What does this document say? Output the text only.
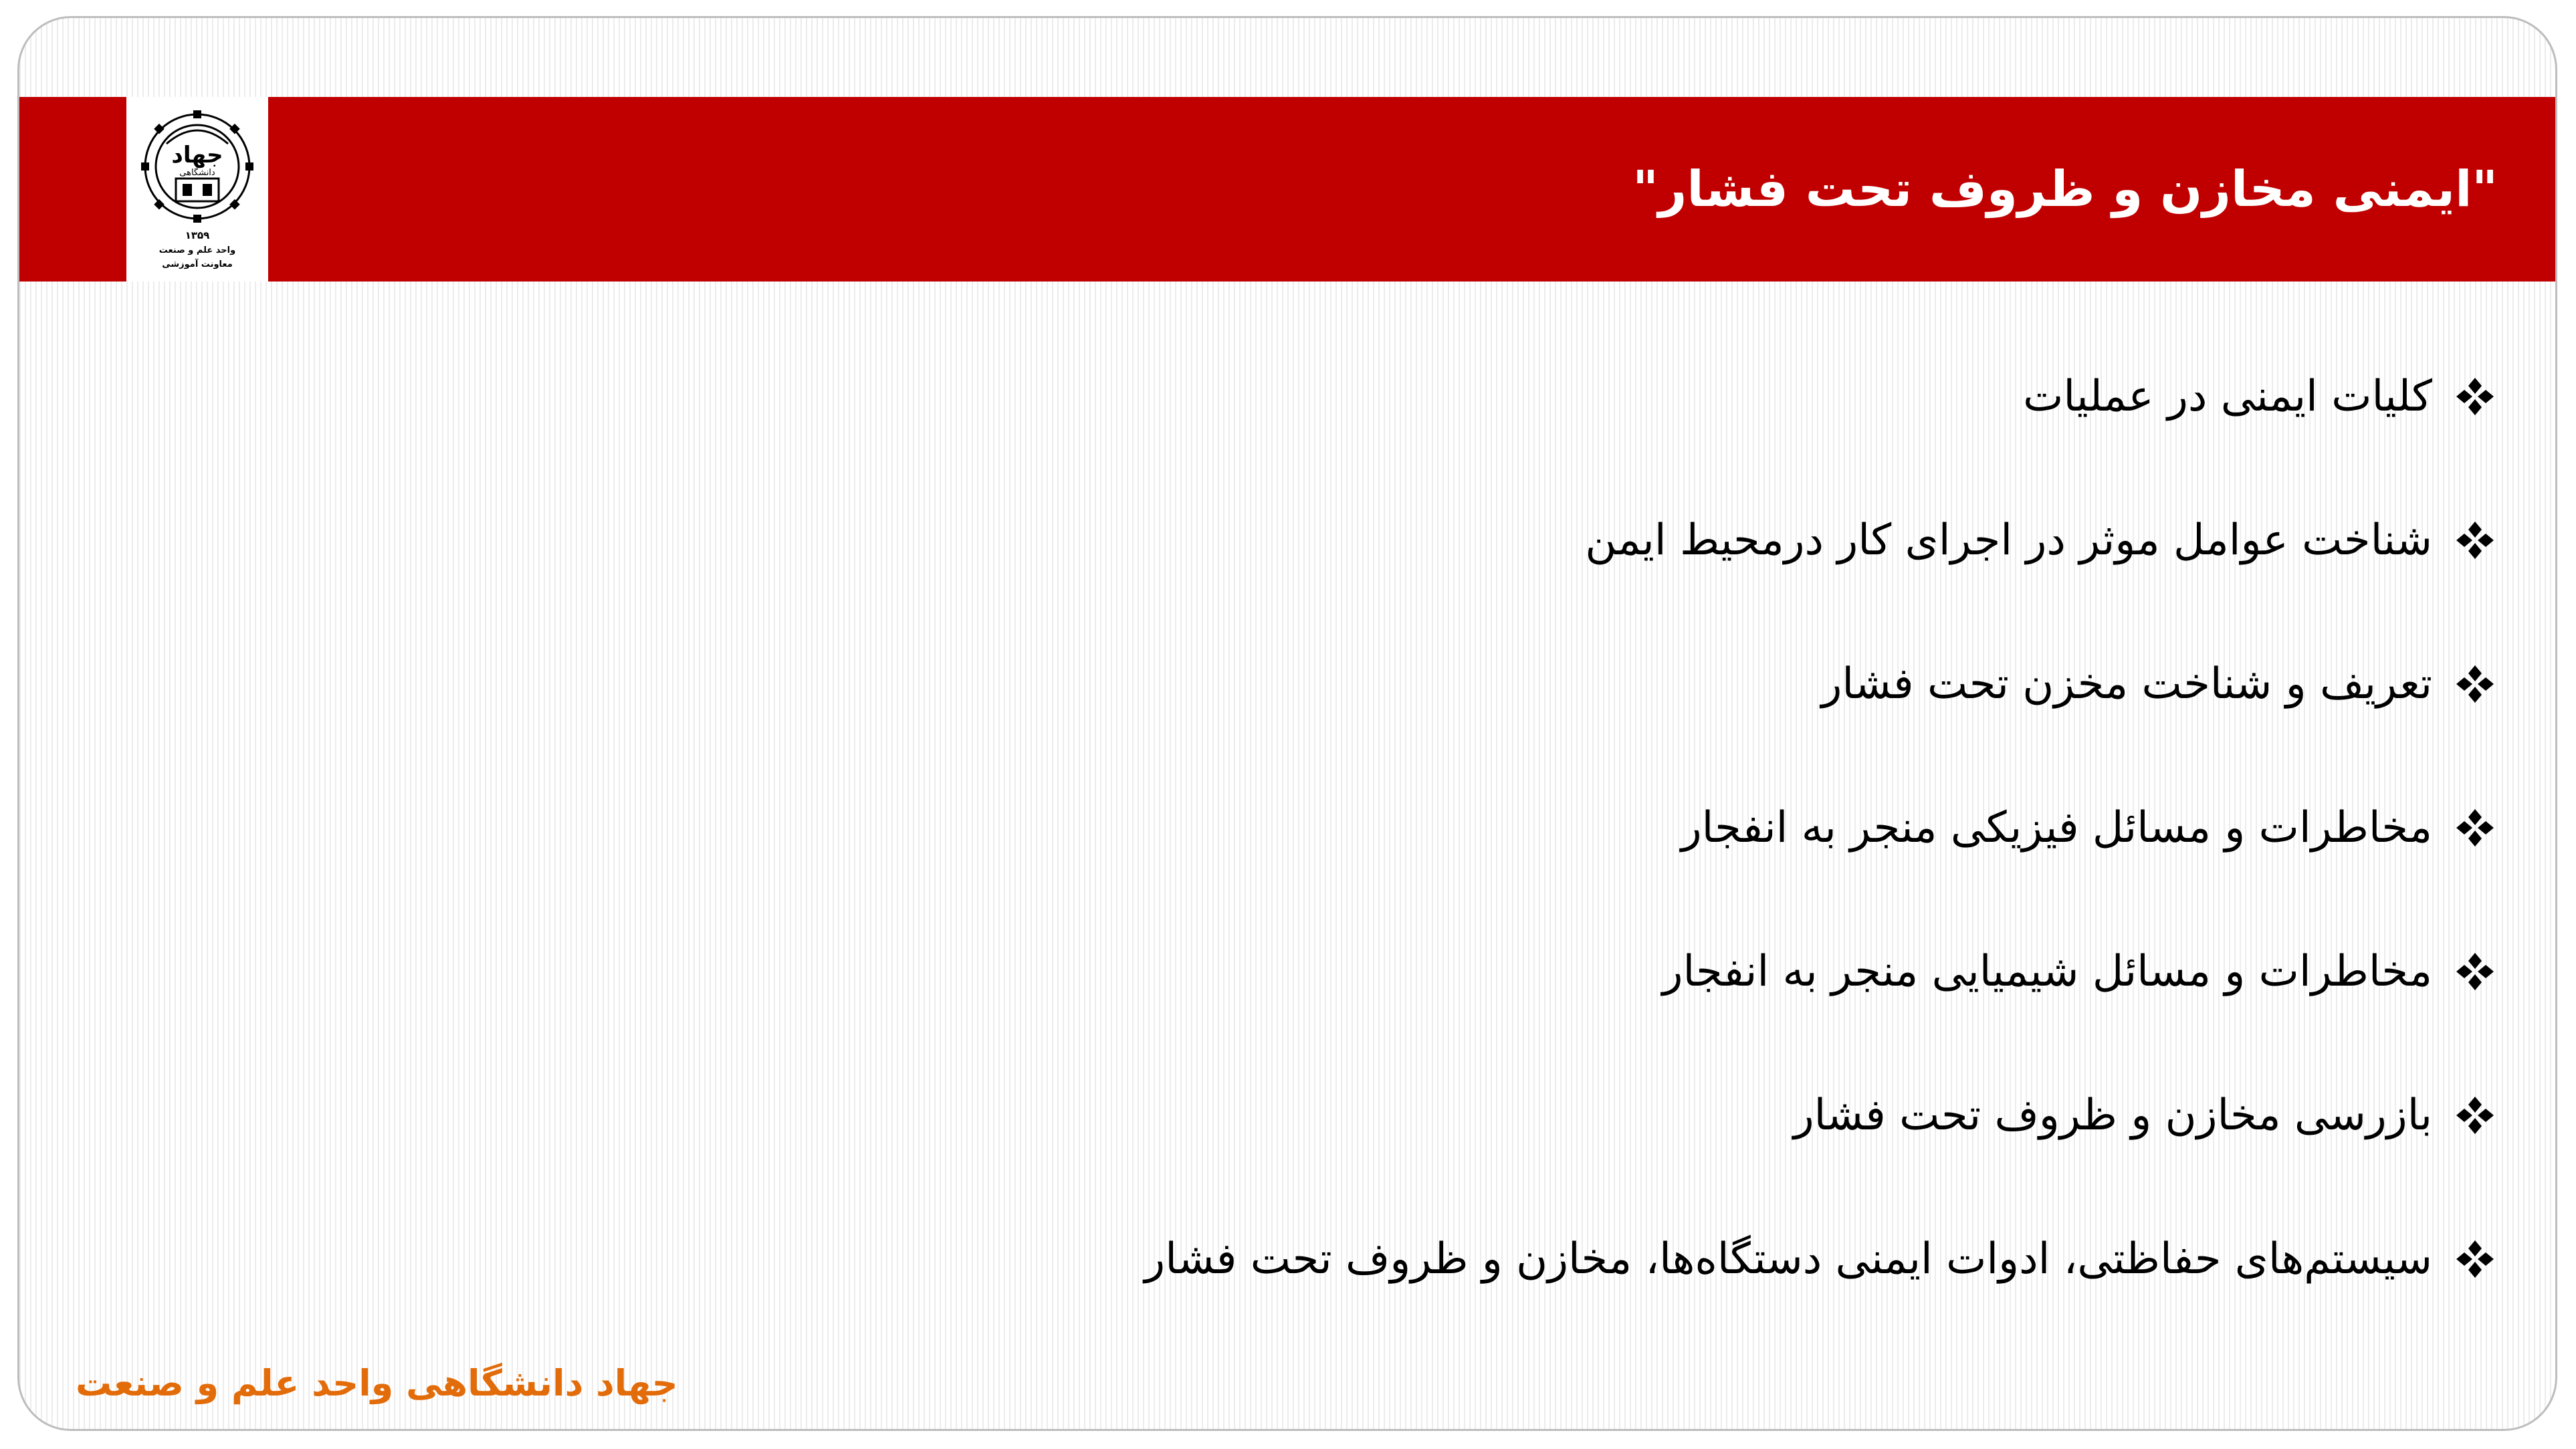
جهاد
دانشگاهی
۱۳۵۹
واحد علم و صنعت
معاونت آموزشی
"ایمنی مخازن و ظروف تحت فشار"
کلیات ایمنی در عملیات
شناخت عوامل موثر در اجرای کار درمحیط ایمن
تعریف و شناخت مخزن تحت فشار
مخاطرات و مسائل فیزیکی منجر به انفجار
مخاطرات و مسائل شیمیایی منجر به انفجار
بازرسی مخازن و ظروف تحت فشار
سیستم‌های حفاظتی، ادوات ایمنی دستگاه‌ها، مخازن و ظروف تحت فشار
جهاد دانشگاهی واحد علم و صنعت
